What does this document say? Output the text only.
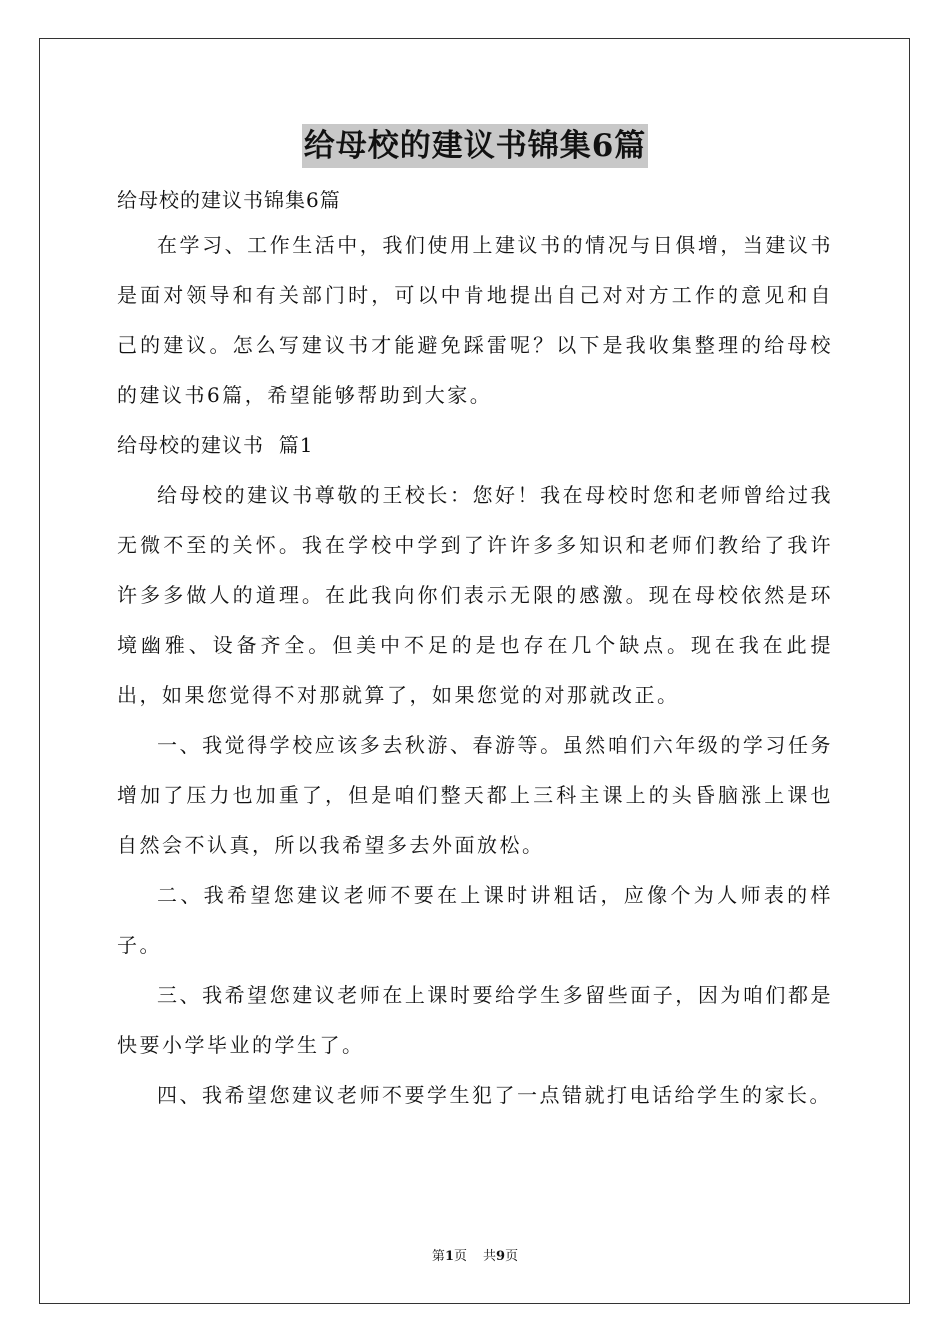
给母校的建议书锦集6篇

给母校的建议书锦集6篇

在学习、工作生活中，我们使用上建议书的情况与日俱增，当建议书是面对领导和有关部门时，可以中肯地提出自己对对方工作的意见和自己的建议。怎么写建议书才能避免踩雷呢？以下是我收集整理的给母校的建议书6篇，希望能够帮助到大家。

给母校的建议书  篇1

给母校的建议书尊敬的王校长：您好！我在母校时您和老师曾给过我无微不至的关怀。我在学校中学到了许许多多知识和老师们教给了我许许多多做人的道理。在此我向你们表示无限的感激。现在母校依然是环境幽雅、设备齐全。但美中不足的是也存在几个缺点。现在我在此提出，如果您觉得不对那就算了，如果您觉的对那就改正。

一、我觉得学校应该多去秋游、春游等。虽然咱们六年级的学习任务增加了压力也加重了，但是咱们整天都上三科主课上的头昏脑涨上课也自然会不认真，所以我希望多去外面放松。

二、我希望您建议老师不要在上课时讲粗话，应像个为人师表的样子。

三、我希望您建议老师在上课时要给学生多留些面子，因为咱们都是快要小学毕业的学生了。

四、我希望您建议老师不要学生犯了一点错就打电话给学生的家长。

第1页 共9页
